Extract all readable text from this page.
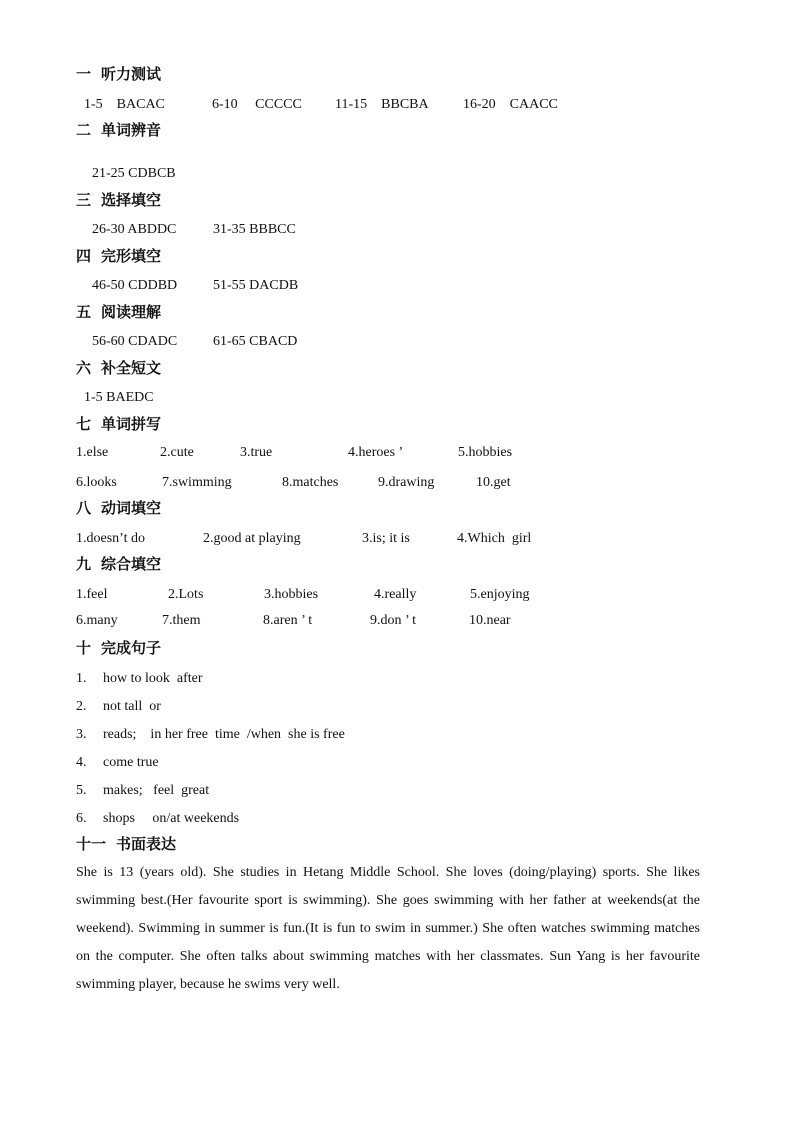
一 听力测试
1-5    BACAC	6-10     CCCCC 11-15    BBCBA 16-20    CAACC
二 单词辨音
21-25 CDBCB
三 选择填空
26-30 ABDDC	31-35 BBBCC
四 完形填空
46-50 CDDBD	51-55 DACDB
五 阅读理解
56-60 CDADC	61-65 CBACD
六 补全短文
1-5 BAEDC
七 单词拼写
1.else	2.cute	3.true	4.heroes ’	5.hobbies
6.looks	7.swimming	8.matches	9.drawing	10.get
八 动词填空
1.doesn’t do	2.good at playing	3.is; it is	4.Which  girl
九 综合填空
1.feel	2.Lots	3.hobbies	4.really	5.enjoying
6.many	7.them	8.aren ’ t	9.don ’ t	10.near
十 完成句子
1. how to look  after
2. not tall  or
3. reads;    in her free  time  /when  she is free
4. come true
5. makes;   feel  great
6. shops     on/at weekends
十一 书面表达
She is 13 (years old). She studies in Hetang Middle School. She loves (doing/playing) sports. She likes swimming best.(Her favourite sport is swimming). She goes swimming with her father at weekends(at the weekend). Swimming in summer is fun.(It is fun to swim in summer.) She often watches swimming matches on the computer. She often talks about swimming matches with her classmates. Sun Yang is her favourite swimming player, because he swims very well.
